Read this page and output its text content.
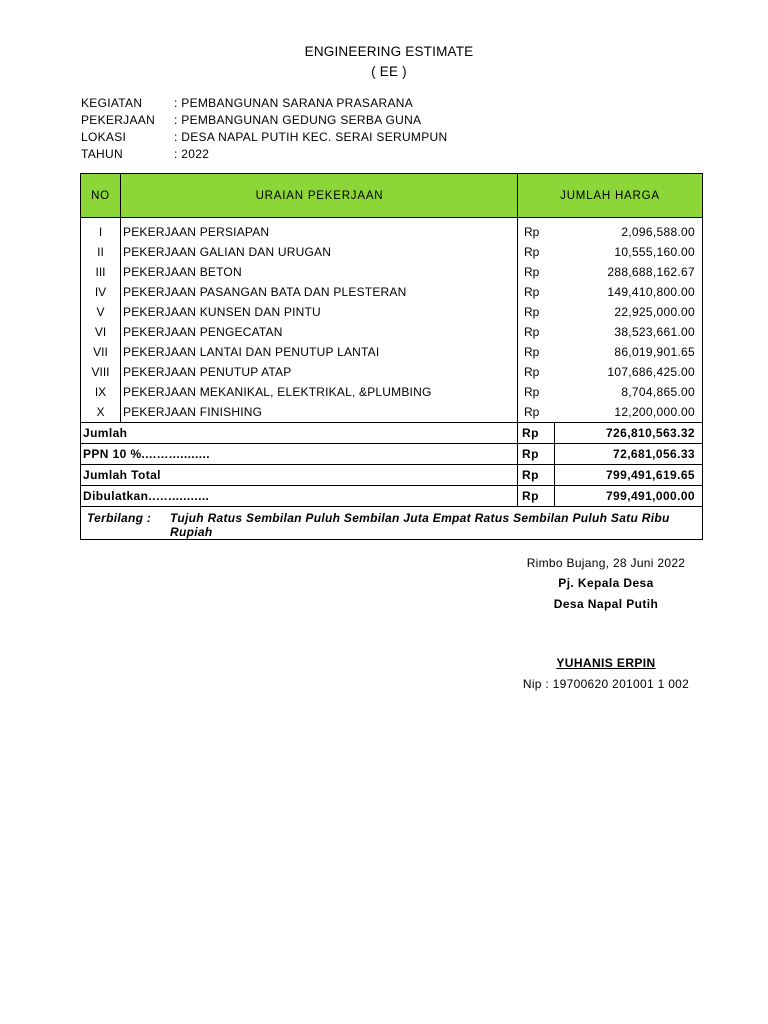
ENGINEERING ESTIMATE
( EE )
KEGIATAN	: PEMBANGUNAN SARANA PRASARANA
PEKERJAAN	: PEMBANGUNAN GEDUNG SERBA GUNA
LOKASI	: DESA NAPAL PUTIH KEC. SERAI SERUMPUN
TAHUN	: 2022
NO	URAIAN PEKERJAAN	JUMLAH HARGA	
I	PEKERJAAN PERSIAPAN	Rp	2,096,588.00
II	PEKERJAAN GALIAN DAN URUGAN	Rp	10,555,160.00
III	PEKERJAAN BETON	Rp	288,688,162.67
IV	PEKERJAAN PASANGAN BATA DAN PLESTERAN	Rp	149,410,800.00
V	PEKERJAAN KUNSEN DAN PINTU	Rp	22,925,000.00
VI	PEKERJAAN PENGECATAN	Rp	38,523,661.00
VII	PEKERJAAN LANTAI DAN PENUTUP LANTAI	Rp	86,019,901.65
VIII	PEKERJAAN PENUTUP ATAP	Rp	107,686,425.00
IX	PEKERJAAN MEKANIKAL, ELEKTRIKAL, &PLUMBING	Rp	8,704,865.00
X	PEKERJAAN FINISHING	Rp	12,200,000.00
Jumlah		Rp	726,810,563.32
PPN 10 %....…...........		Rp	72,681,056.33
Jumlah Total		Rp	799,491,619.65
Dibulatkan..…...........		Rp	799,491,000.00

Terbilang : Tujuh Ratus Sembilan Puluh Sembilan Juta Empat Ratus Sembilan Puluh Satu Ribu Rupiah			
Rimbo Bujang, 28 Juni 2022
Pj. Kepala Desa
Desa Napal Putih
YUHANIS ERPIN
Nip : 19700620 201001 1 002
